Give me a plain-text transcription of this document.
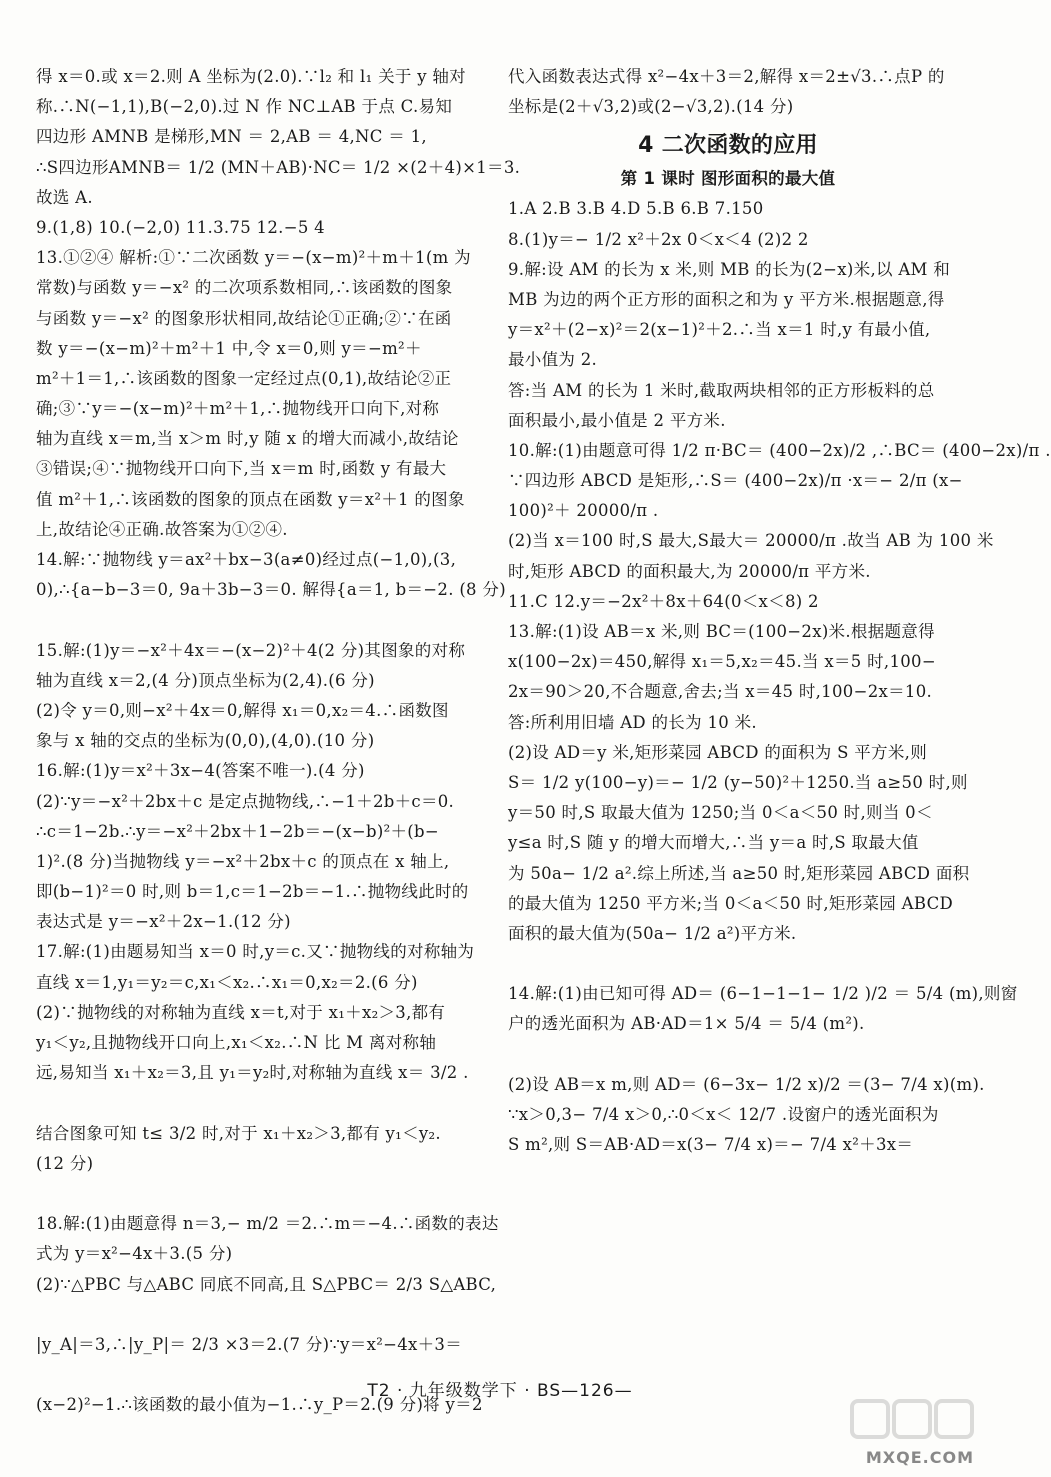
得 x＝0.或 x＝2.则 A 坐标为(2.0).∵l₂ 和 l₁ 关于 y 轴对
称.∴N(−1,1),B(−2,0).过 N 作 NC⊥AB 于点 C.易知
四边形 AMNB 是梯形,MN ＝ 2,AB ＝ 4,NC ＝ 1,
∴S四边形AMNB＝ 1/2 (MN＋AB)·NC＝ 1/2 ×(2＋4)×1＝3.
故选 A.
9.(1,8) 10.(−2,0) 11.3.75 12.−5 4
13.①②④ 解析:①∵二次函数 y＝−(x−m)²＋m＋1(m 为
常数)与函数 y＝−x² 的二次项系数相同,∴该函数的图象
与函数 y＝−x² 的图象形状相同,故结论①正确;②∵在函
数 y＝−(x−m)²＋m²＋1 中,令 x＝0,则 y＝−m²＋
m²＋1＝1,∴该函数的图象一定经过点(0,1),故结论②正
确;③∵y＝−(x−m)²＋m²＋1,∴抛物线开口向下,对称
轴为直线 x＝m,当 x＞m 时,y 随 x 的增大而减小,故结论
③错误;④∵抛物线开口向下,当 x＝m 时,函数 y 有最大
值 m²＋1,∴该函数的图象的顶点在函数 y＝x²＋1 的图象
上,故结论④正确.故答案为①②④.
14.解:∵抛物线 y＝ax²＋bx−3(a≠0)经过点(−1,0),(3,
0),∴{a−b−3＝0, 9a＋3b−3＝0. 解得{a＝1, b＝−2. (8 分)
15.解:(1)y＝−x²＋4x＝−(x−2)²＋4(2 分)其图象的对称
轴为直线 x＝2,(4 分)顶点坐标为(2,4).(6 分)
(2)令 y＝0,则−x²＋4x＝0,解得 x₁＝0,x₂＝4.∴函数图
象与 x 轴的交点的坐标为(0,0),(4,0).(10 分)
16.解:(1)y＝x²＋3x−4(答案不唯一).(4 分)
(2)∵y＝−x²＋2bx＋c 是定点抛物线,∴−1＋2b＋c＝0.
∴c＝1−2b.∴y＝−x²＋2bx＋1−2b＝−(x−b)²＋(b−
1)².(8 分)当抛物线 y＝−x²＋2bx＋c 的顶点在 x 轴上,
即(b−1)²＝0 时,则 b＝1,c＝1−2b＝−1.∴抛物线此时的
表达式是 y＝−x²＋2x−1.(12 分)
17.解:(1)由题易知当 x＝0 时,y＝c.又∵抛物线的对称轴为
直线 x＝1,y₁＝y₂＝c,x₁＜x₂.∴x₁＝0,x₂＝2.(6 分)
(2)∵抛物线的对称轴为直线 x＝t,对于 x₁＋x₂＞3,都有
y₁＜y₂,且抛物线开口向上,x₁＜x₂.∴N 比 M 离对称轴
远,易知当 x₁＋x₂＝3,且 y₁＝y₂时,对称轴为直线 x＝ 3/2 .
结合图象可知 t≤ 3/2 时,对于 x₁＋x₂＞3,都有 y₁＜y₂.
(12 分)
18.解:(1)由题意得 n＝3,− m/2 ＝2.∴m＝−4.∴函数的表达
式为 y＝x²−4x＋3.(5 分)
(2)∵△PBC 与△ABC 同底不同高,且 S△PBC＝ 2/3 S△ABC,
|y_A|＝3,∴|y_P|＝ 2/3 ×3＝2.(7 分)∵y＝x²−4x＋3＝
(x−2)²−1.∴该函数的最小值为−1.∴y_P＝2.(9 分)将 y＝2
代入函数表达式得 x²−4x＋3＝2,解得 x＝2±√3.∴点P 的
坐标是(2＋√3,2)或(2−√3,2).(14 分)
4 二次函数的应用
第 1 课时 图形面积的最大值
1.A 2.B 3.B 4.D 5.B 6.B 7.150
8.(1)y＝− 1/2 x²＋2x 0＜x＜4 (2)2 2
9.解:设 AM 的长为 x 米,则 MB 的长为(2−x)米,以 AM 和
MB 为边的两个正方形的面积之和为 y 平方米.根据题意,得
y＝x²＋(2−x)²＝2(x−1)²＋2.∴当 x＝1 时,y 有最小值,
最小值为 2.
答:当 AM 的长为 1 米时,截取两块相邻的正方形板料的总
面积最小,最小值是 2 平方米.
10.解:(1)由题意可得 1/2 π·BC＝ (400−2x)/2 ,∴BC＝ (400−2x)/π .
∵四边形 ABCD 是矩形,∴S＝ (400−2x)/π ·x＝− 2/π (x−
100)²＋ 20000/π .
(2)当 x＝100 时,S 最大,S最大＝ 20000/π .故当 AB 为 100 米
时,矩形 ABCD 的面积最大,为 20000/π 平方米.
11.C 12.y＝−2x²＋8x＋64(0＜x＜8) 2
13.解:(1)设 AB＝x 米,则 BC＝(100−2x)米.根据题意得
x(100−2x)＝450,解得 x₁＝5,x₂＝45.当 x＝5 时,100−
2x＝90＞20,不合题意,舍去;当 x＝45 时,100−2x＝10.
答:所利用旧墙 AD 的长为 10 米.
(2)设 AD＝y 米,矩形菜园 ABCD 的面积为 S 平方米,则
S＝ 1/2 y(100−y)＝− 1/2 (y−50)²＋1250.当 a≥50 时,则
y＝50 时,S 取最大值为 1250;当 0＜a＜50 时,则当 0＜
y≤a 时,S 随 y 的增大而增大,∴当 y＝a 时,S 取最大值
为 50a− 1/2 a².综上所述,当 a≥50 时,矩形菜园 ABCD 面积
的最大值为 1250 平方米;当 0＜a＜50 时,矩形菜园 ABCD
面积的最大值为(50a− 1/2 a²)平方米.
14.解:(1)由已知可得 AD＝ (6−1−1−1− 1/2 )/2 ＝ 5/4 (m),则窗
户的透光面积为 AB·AD＝1× 5/4 ＝ 5/4 (m²).
(2)设 AB＝x m,则 AD＝ (6−3x− 1/2 x)/2 ＝(3− 7/4 x)(m).
∵x＞0,3− 7/4 x＞0,∴0＜x＜ 12/7 .设窗户的透光面积为
S m²,则 S＝AB·AD＝x(3− 7/4 x)＝− 7/4 x²＋3x＝
T2 · 九年级数学下 · BS—126—
MXQE.COM
